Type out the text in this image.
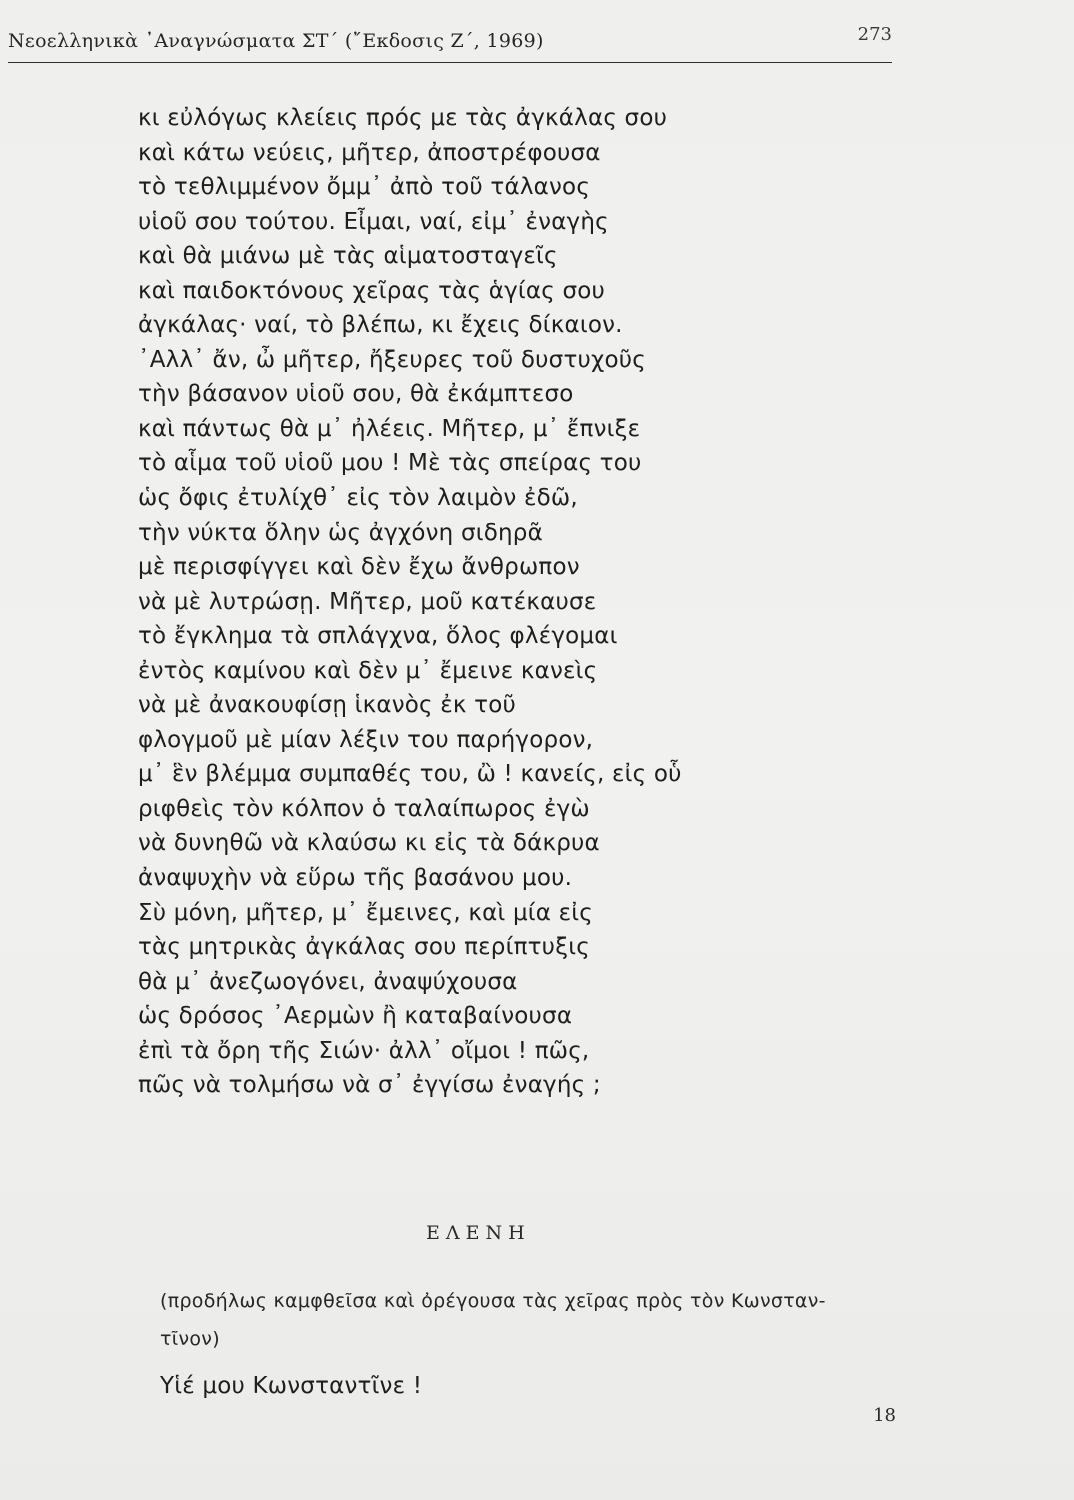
Νεοελληνικὰ ᾿Αναγνώσματα ΣΤ΄ (῎Εκδοσις Ζ΄, 1969)	273
κι εὐλόγως κλείεις πρός με τὰς ἀγκάλας σου
καὶ κάτω νεύεις, μῆτερ, ἀποστρέφουσα
τὸ τεθλιμμένον ὄμμ᾿ ἀπὸ τοῦ τάλανος
υἱοῦ σου τούτου. Εἶμαι, ναί, εἰμ᾿ ἐναγὴς
καὶ θὰ μιάνω μὲ τὰς αἱματοσταγεῖς
καὶ παιδοκτόνους χεῖρας τὰς ἁγίας σου
ἀγκάλας· ναί, τὸ βλέπω, κι ἔχεις δίκαιον.
᾿Αλλ᾿ ἄν, ὦ μῆτερ, ἤξευρες τοῦ δυστυχοῦς
τὴν βάσανον υἱοῦ σου, θὰ ἐκάμπτεσο
καὶ πάντως θὰ μ᾿ ἠλέεις. Μῆτερ, μ᾿ ἔπνιξε
τὸ αἷμα τοῦ υἱοῦ μου ! Μὲ τὰς σπείρας του
ὡς ὄφις ἐτυλίχθ᾿ εἰς τὸν λαιμὸν ἐδῶ,
τὴν νύκτα ὅλην ὡς ἀγχόνη σιδηρᾶ
μὲ περισφίγγει καὶ δὲν ἔχω ἄνθρωπον
νὰ μὲ λυτρώσῃ. Μῆτερ, μοῦ κατέκαυσε
τὸ ἔγκλημα τὰ σπλάγχνα, ὅλος φλέγομαι
ἐντὸς καμίνου καὶ δὲν μ᾿ ἔμεινε κανεὶς
νὰ μὲ ἀνακουφίσῃ ἱκανὸς ἐκ τοῦ
φλογμοῦ μὲ μίαν λέξιν του παρήγορον,
μ᾿ ἓν βλέμμα συμπαθές του, ὢ ! κανείς, εἰς οὗ
ριφθεὶς τὸν κόλπον ὁ ταλαίπωρος ἐγὼ
νὰ δυνηθῶ νὰ κλαύσω κι εἰς τὰ δάκρυα
ἀναψυχὴν νὰ εὕρω τῆς βασάνου μου.
Σὺ μόνη, μῆτερ, μ᾿ ἔμεινες, καὶ μία εἰς
τὰς μητρικὰς ἀγκάλας σου περίπτυξις
θὰ μ᾿ ἀνεζωογόνει, ἀναψύχουσα
ὡς δρόσος ᾿Αερμὼν ἢ καταβαίνουσα
ἐπὶ τὰ ὄρη τῆς Σιών· ἀλλ᾿ οἴμοι ! πῶς,
πῶς νὰ τολμήσω νὰ σ᾿ ἐγγίσω ἐναγής ;
ΕΛΕΝΗ
(προδήλως καμφθεῖσα καὶ ὀρέγουσα τὰς χεῖρας πρὸς τὸν Κωνσταν-
τῖνον)
Υἱέ μου Κωνσταντῖνε !
18
